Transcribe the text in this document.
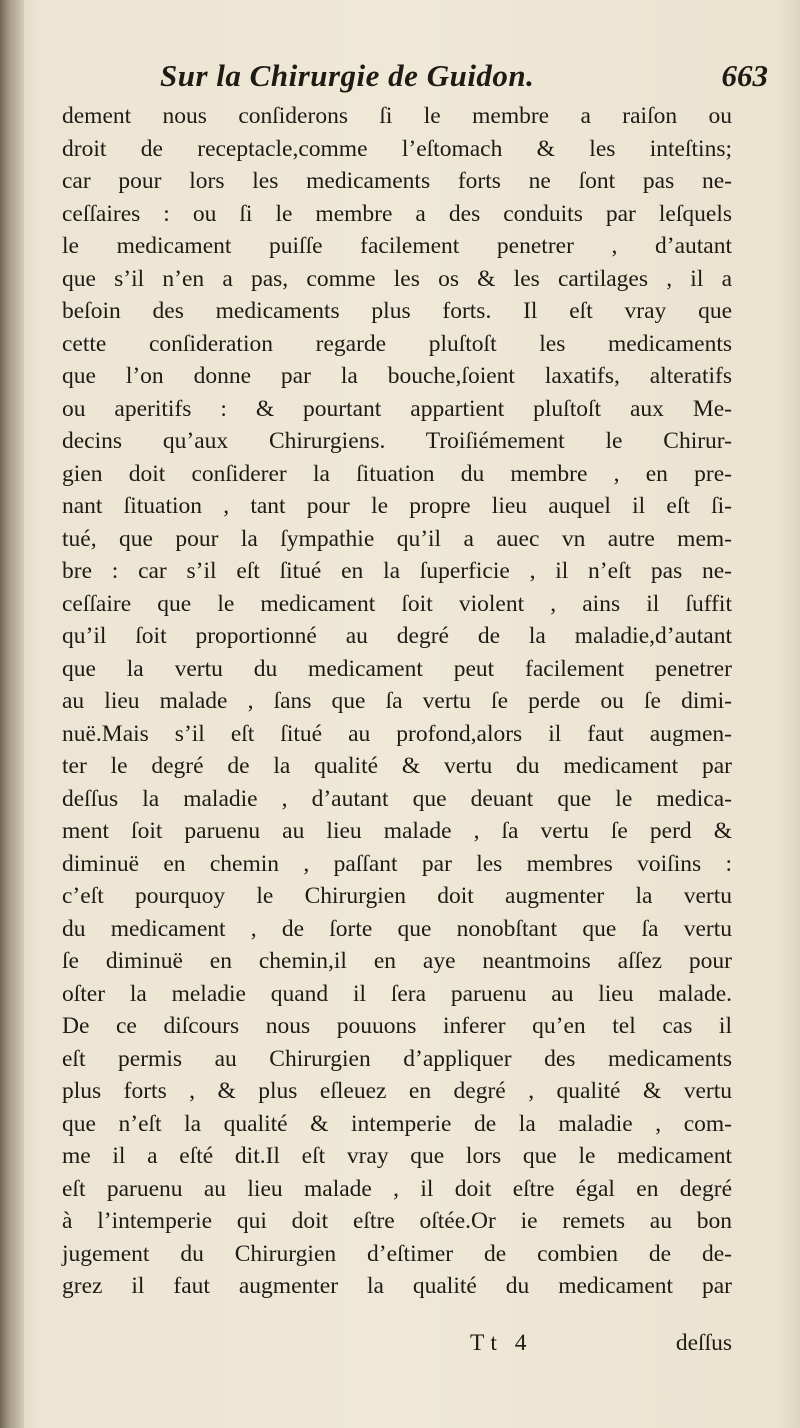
Sur la Chirurgie de Guidon.	663
dement nous conſiderons ſi le membre a raiſon ou
droit de receptacle,comme l’eſtomach & les inteſtins;
car pour lors les medicaments forts ne ſont pas ne-
ceſſaires : ou ſi le membre a des conduits par leſquels
le medicament puiſſe facilement penetrer , d’autant
que s’il n’en a pas, comme les os & les cartilages , il a
beſoin des medicaments plus forts. Il eſt vray que
cette conſideration regarde pluſtoſt les medicaments
que l’on donne par la bouche,ſoient laxatifs, alteratifs
ou aperitifs : & pourtant appartient pluſtoſt aux Me-
decins qu’aux Chirurgiens. Troiſiémement le Chirur-
gien doit conſiderer la ſituation du membre , en pre-
nant ſituation , tant pour le propre lieu auquel il eſt ſi-
tué, que pour la ſympathie qu’il a auec vn autre mem-
bre : car s’il eſt ſitué en la ſuperficie , il n’eſt pas ne-
ceſſaire que le medicament ſoit violent , ains il ſuffit
qu’il ſoit proportionné au degré de la maladie,d’autant
que la vertu du medicament peut facilement penetrer
au lieu malade , ſans que ſa vertu ſe perde ou ſe dimi-
nuë.Mais s’il eſt ſitué au profond,alors il faut augmen-
ter le degré de la qualité & vertu du medicament par
deſſus la maladie , d’autant que deuant que le medica-
ment ſoit paruenu au lieu malade , ſa vertu ſe perd &
diminuë en chemin , paſſant par les membres voiſins :
c’eſt pourquoy le Chirurgien doit augmenter la vertu
du medicament , de ſorte que nonobſtant que ſa vertu
ſe diminuë en chemin,il en aye neantmoins aſſez pour
oſter la meladie quand il ſera paruenu au lieu malade.
De ce diſcours nous pouuons inferer qu’en tel cas il
eſt permis au Chirurgien d’appliquer des medicaments
plus forts , & plus eſleuez en degré , qualité & vertu
que n’eſt la qualité & intemperie de la maladie , com-
me il a eſté dit.Il eſt vray que lors que le medicament
eſt paruenu au lieu malade , il doit eſtre égal en degré
à l’intemperie qui doit eſtre oſtée.Or ie remets au bon
jugement du Chirurgien d’eſtimer de combien de de-
grez il faut augmenter la qualité du medicament par
Tt 4	deſſus
